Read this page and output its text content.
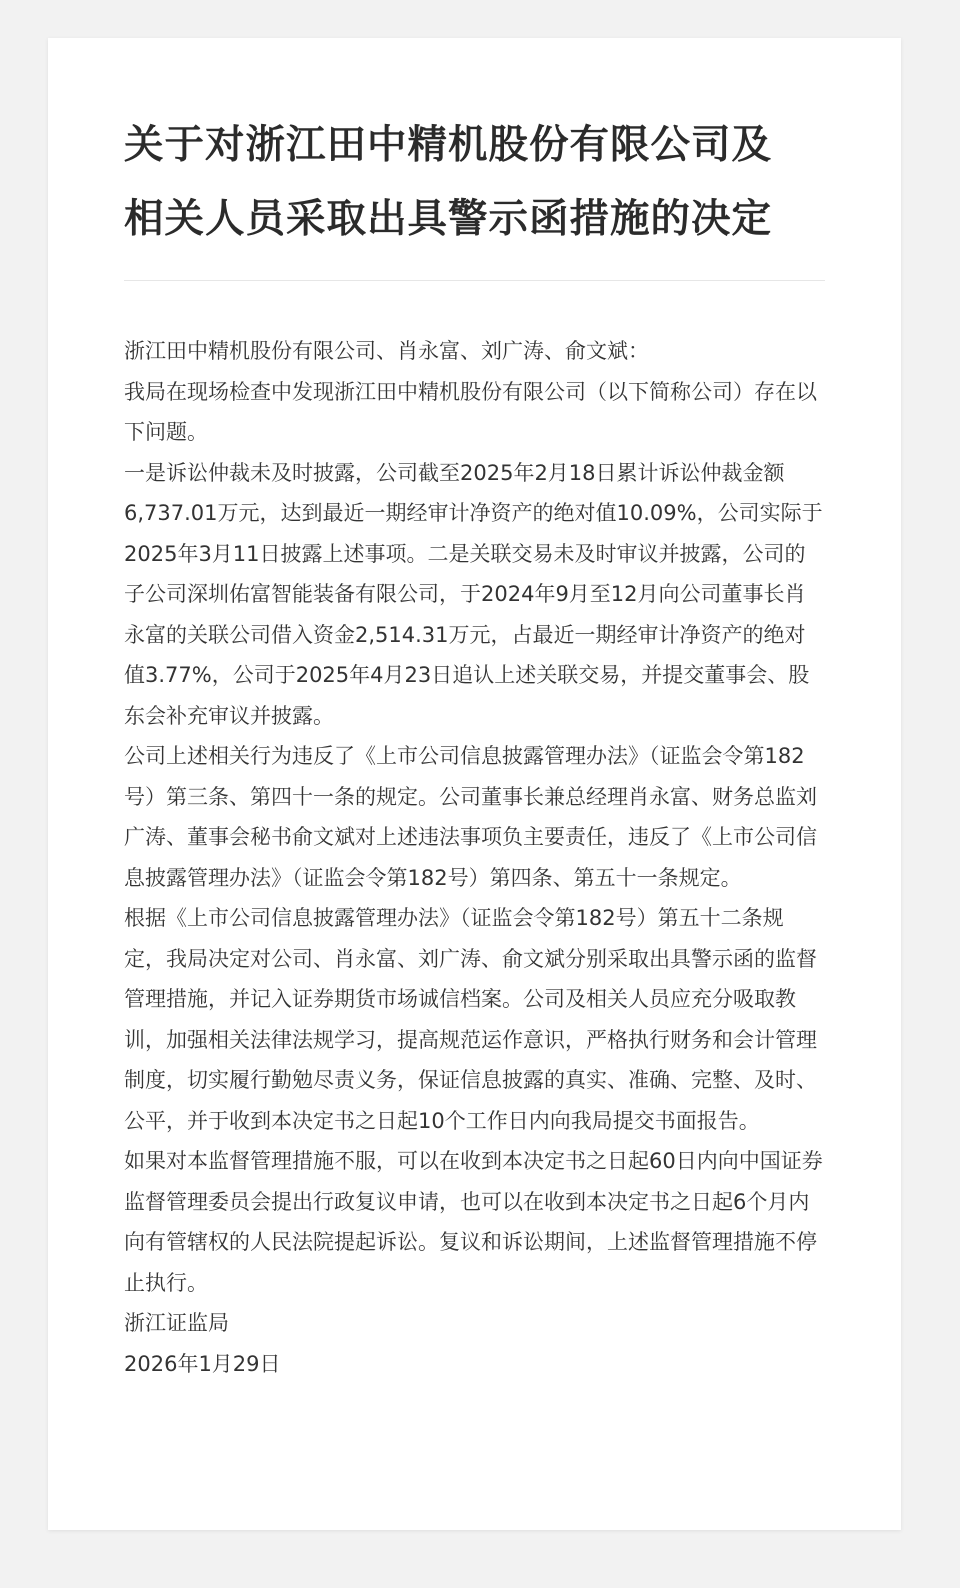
关于对浙江田中精机股份有限公司及
相关人员采取出具警示函措施的决定

浙江田中精机股份有限公司、肖永富、刘广涛、俞文斌：

我局在现场检查中发现浙江田中精机股份有限公司（以下简称公司）存在以下问题。

一是诉讼仲裁未及时披露，公司截至2025年2月18日累计诉讼仲裁金额6,737.01万元，达到最近一期经审计净资产的绝对值10.09%，公司实际于2025年3月11日披露上述事项。二是关联交易未及时审议并披露，公司的子公司深圳佑富智能装备有限公司，于2024年9月至12月向公司董事长肖永富的关联公司借入资金2,514.31万元，占最近一期经审计净资产的绝对值3.77%，公司于2025年4月23日追认上述关联交易，并提交董事会、股东会补充审议并披露。

公司上述相关行为违反了《上市公司信息披露管理办法》（证监会令第182号）第三条、第四十一条的规定。公司董事长兼总经理肖永富、财务总监刘广涛、董事会秘书俞文斌对上述违法事项负主要责任，违反了《上市公司信息披露管理办法》（证监会令第182号）第四条、第五十一条规定。

根据《上市公司信息披露管理办法》（证监会令第182号）第五十二条规定，我局决定对公司、肖永富、刘广涛、俞文斌分别采取出具警示函的监督管理措施，并记入证券期货市场诚信档案。公司及相关人员应充分吸取教训，加强相关法律法规学习，提高规范运作意识，严格执行财务和会计管理制度，切实履行勤勉尽责义务，保证信息披露的真实、准确、完整、及时、公平，并于收到本决定书之日起10个工作日内向我局提交书面报告。

如果对本监督管理措施不服，可以在收到本决定书之日起60日内向中国证券监督管理委员会提出行政复议申请，也可以在收到本决定书之日起6个月内向有管辖权的人民法院提起诉讼。复议和诉讼期间，上述监督管理措施不停止执行。

浙江证监局

2026年1月29日
